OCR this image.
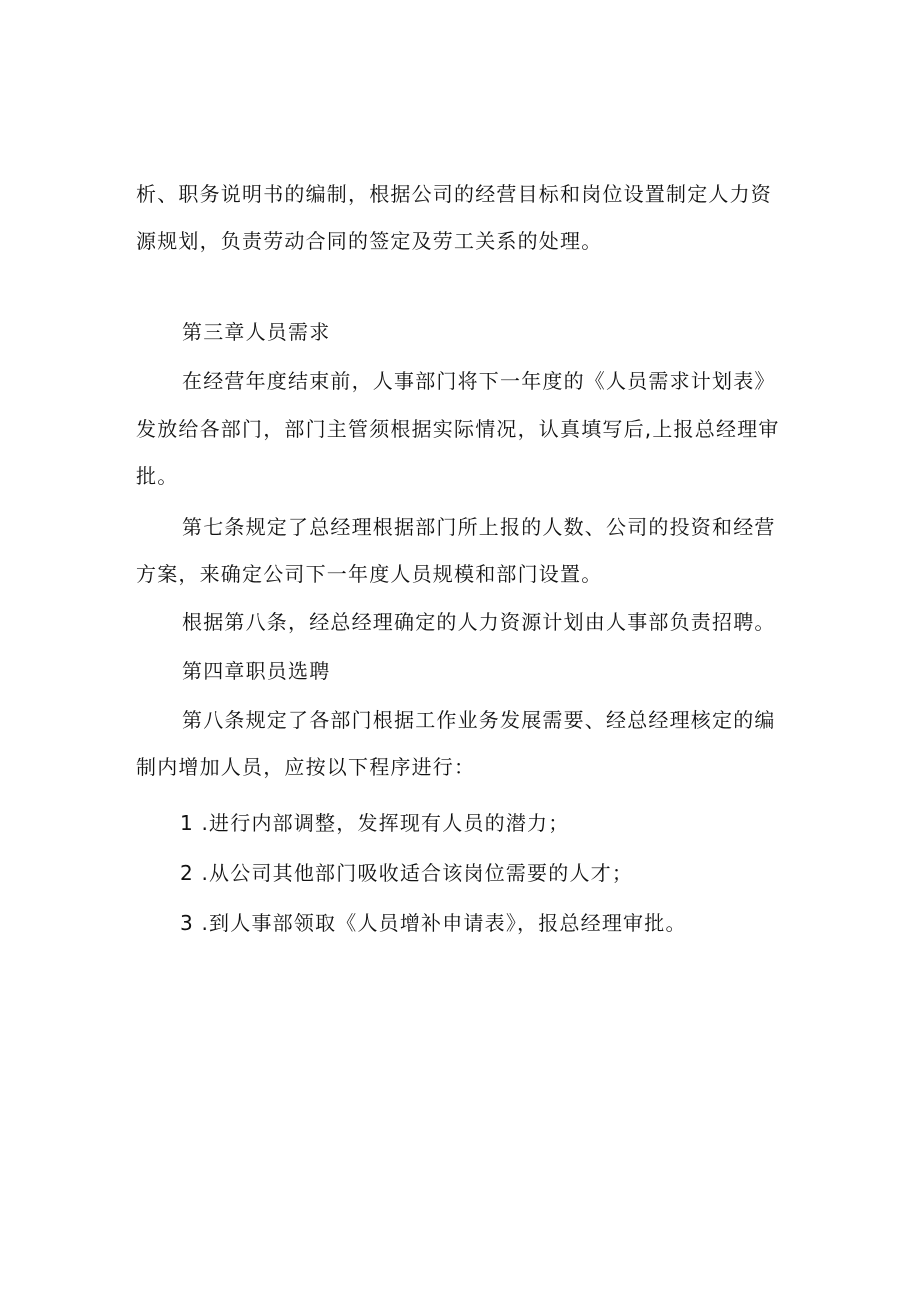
析、职务说明书的编制，根据公司的经营目标和岗位设置制定人力资
源规划，负责劳动合同的签定及劳工关系的处理。
第三章人员需求
在经营年度结束前，人事部门将下一年度的《人员需求计划表》
发放给各部门，部门主管须根据实际情况，认真填写后,上报总经理审
批。
第七条规定了总经理根据部门所上报的人数、公司的投资和经营
方案，来确定公司下一年度人员规模和部门设置。
根据第八条，经总经理确定的人力资源计划由人事部负责招聘。
第四章职员选聘
第八条规定了各部门根据工作业务发展需要、经总经理核定的编
制内增加人员，应按以下程序进行：
1 .进行内部调整，发挥现有人员的潜力；
2 .从公司其他部门吸收适合该岗位需要的人才；
3 .到人事部领取《人员增补申请表》，报总经理审批。
